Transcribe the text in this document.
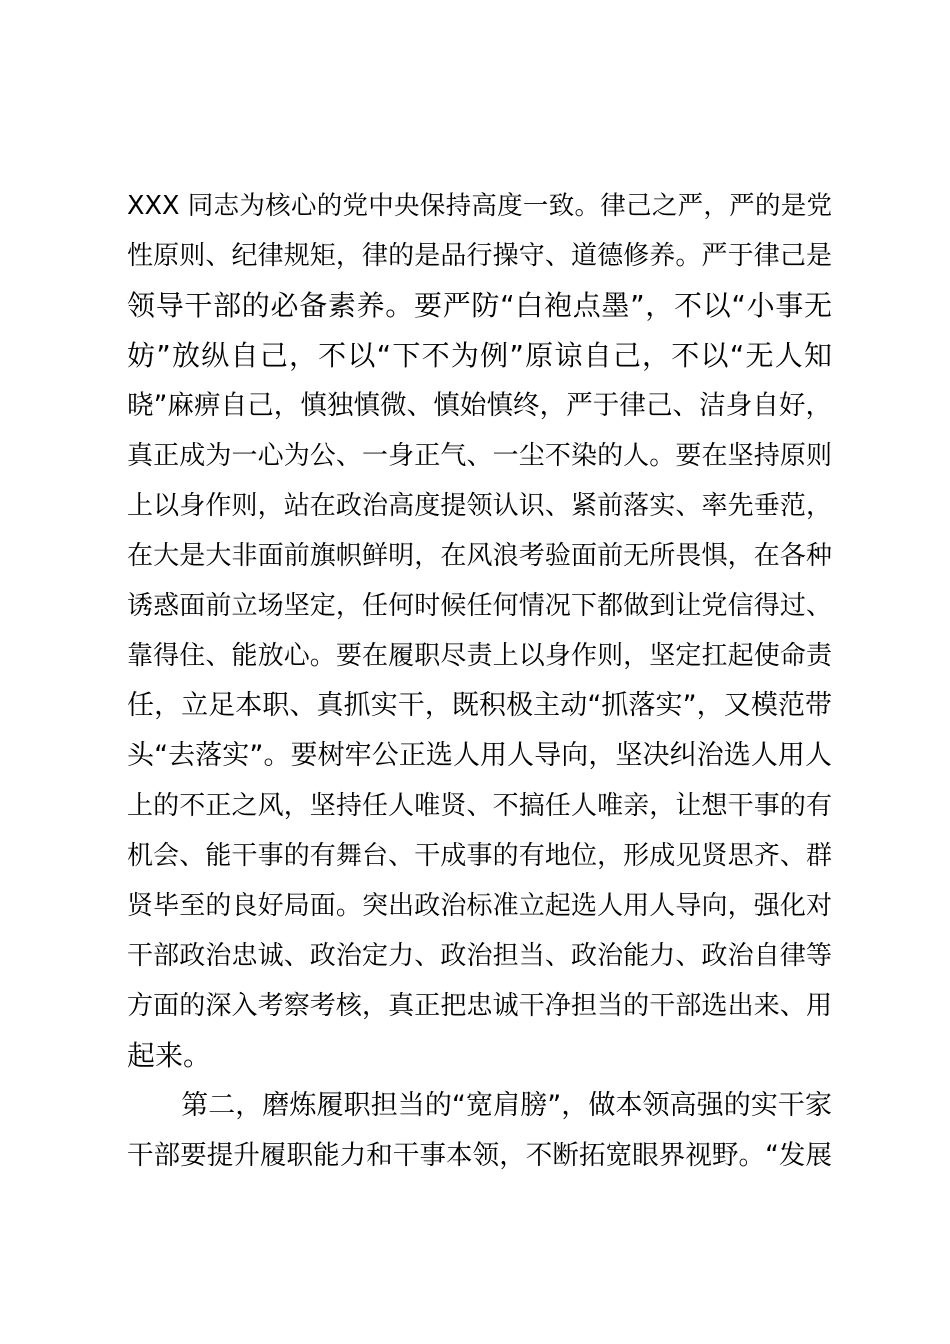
XXX 同志为核心的党中央保持高度一致。律己之严，严的是党
性原则、纪律规矩，律的是品行操守、道德修养。严于律己是
领导干部的必备素养。要严防“白袍点墨”，不以“小事无
妨”放纵自己，不以“下不为例”原谅自己，不以“无人知
晓”麻痹自己，慎独慎微、慎始慎终，严于律己、洁身自好，
真正成为一心为公、一身正气、一尘不染的人。要在坚持原则
上以身作则，站在政治高度提领认识、紧前落实、率先垂范，
在大是大非面前旗帜鲜明，在风浪考验面前无所畏惧，在各种
诱惑面前立场坚定，任何时候任何情况下都做到让党信得过、
靠得住、能放心。要在履职尽责上以身作则，坚定扛起使命责
任，立足本职、真抓实干，既积极主动“抓落实”，又模范带
头“去落实”。要树牢公正选人用人导向，坚决纠治选人用人
上的不正之风，坚持任人唯贤、不搞任人唯亲，让想干事的有
机会、能干事的有舞台、干成事的有地位，形成见贤思齐、群
贤毕至的良好局面。突出政治标准立起选人用人导向，强化对
干部政治忠诚、政治定力、政治担当、政治能力、政治自律等
方面的深入考察考核，真正把忠诚干净担当的干部选出来、用
起来。
　　第二，磨炼履职担当的“宽肩膀”，做本领高强的实干家
干部要提升履职能力和干事本领，不断拓宽眼界视野。“发展
